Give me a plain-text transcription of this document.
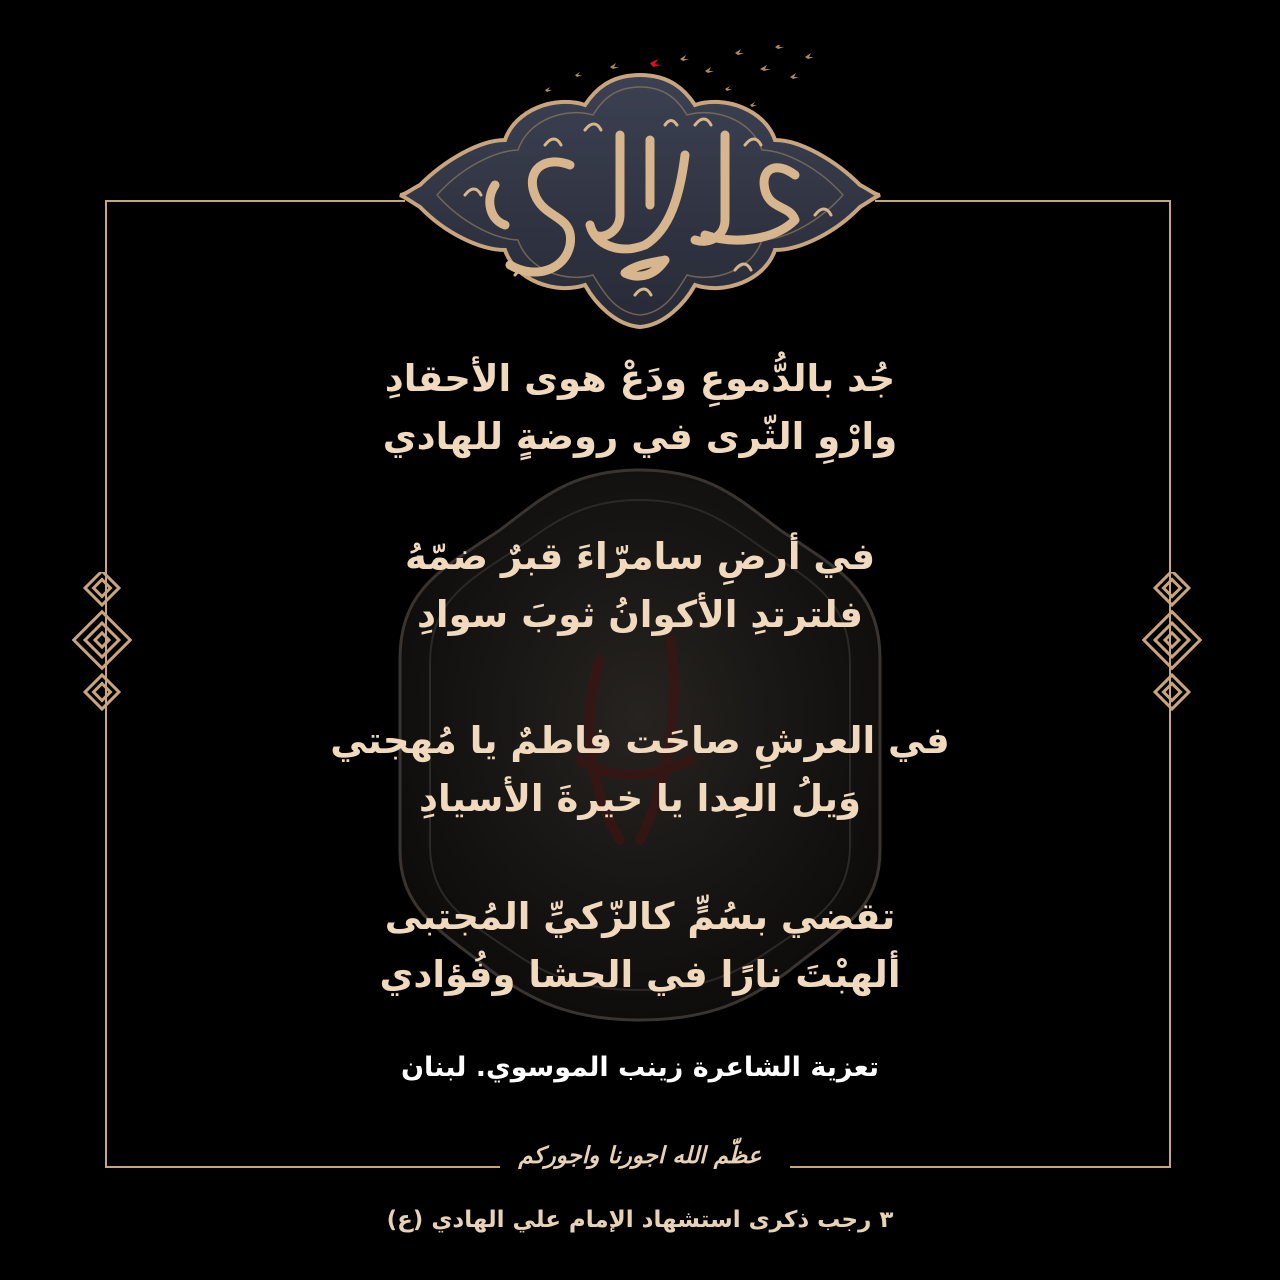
جُد بالدُّموعِ ودَعْ هوى الأحقادِ
وارْوِ الثّرى في روضةٍ للهادي
في أرضِ سامرّاءَ قبرٌ ضمّهُ
فلترتدِ الأكوانُ ثوبَ سوادِ
في العرشِ صاحَت فاطمٌ يا مُهجتي
وَيلُ العِدا يا خيرةَ الأسيادِ
تقضي بسُمٍّ كالزّكيِّ المُجتبى
ألهبْتَ نارًا في الحشا وفُؤادي
تعزية الشاعرة زينب الموسوي. لبنان
عظّم الله اجورنا واجوركم
٣ رجب ذكرى استشهاد الإمام علي الهادي (ع)
